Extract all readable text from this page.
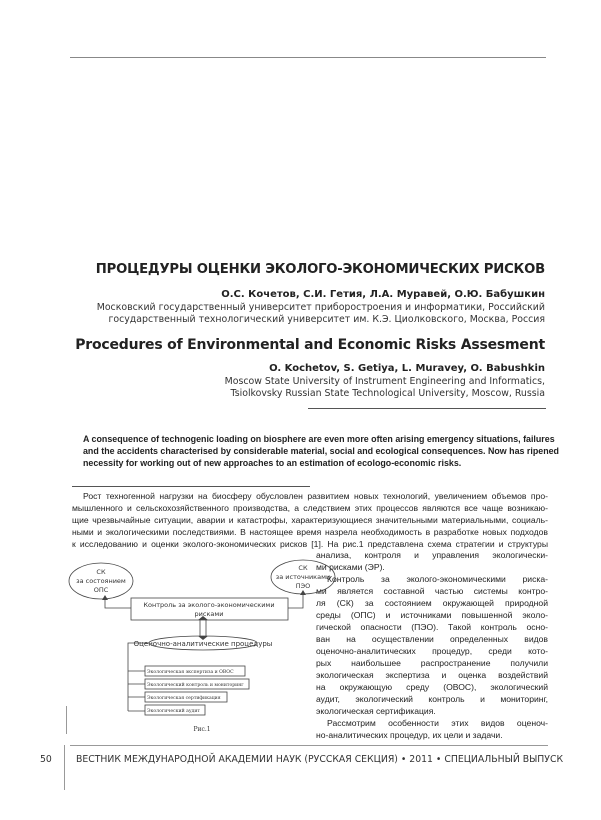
ПРОЦЕДУРЫ ОЦЕНКИ ЭКОЛОГО-ЭКОНОМИЧЕСКИХ РИСКОВ
О.С. Кочетов, С.И. Гетия, Л.А. Муравей, О.Ю. Бабушкин
Московский государственный университет приборостроения и информатики, Российский
государственный технологический университет им. К.Э. Циолковского, Москва, Россия
Procedures of Environmental and Economic Risks Assesment
O. Kochetov, S. Getiya, L. Muravey, O. Babushkin
Moscow State University of Instrument Engineering and Informatics,
Tsiolkovsky Russian State Technological University, Moscow, Russia
A consequence of technogenic loading on biosphere are even more often arising emergency situations, failures
and the accidents characterised by considerable material, social and ecological consequences. Now has ripened
necessity for working out of new approaches to an estimation of ecologo-economic risks.
Рост техногенной нагрузки на биосферу обусловлен развитием новых технологий, увеличением объемов про-
мышленного и сельскохозяйственного производства, а следствием этих процессов являются все чаще возникаю-
щие чрезвычайные ситуации, аварии и катастрофы, характеризующиеся значительными материальными, социаль-
ными и экологическими последствиями. В настоящее время назрела необходимость в разработке новых подходов
к исследованию и оценки эколого-экономических рисков [1]. На рис.1 представлена схема стратегии и структуры
анализа, контроля и управления экологически-
ми рисками (ЭР).
Контроль за эколого-экономическими риска-
ми является составной частью системы контро-
ля (СК) за состоянием окружающей природной
среды (ОПС) и источниками повышенной эколо-
гической опасности (ПЭО). Такой контроль осно-
ван на осуществлении определенных видов
оценочно-аналитических процедур, среди кото-
рых наибольшее распространение получили
экологическая экспертиза и оценка воздействий
на окружающую среду (ОВОС), экологический
аудит, экологический контроль и мониторинг,
экологическая сертификация.
Рассмотрим особенности этих видов оценоч-
но-аналитических процедур, их цели и задачи.
СК
за состоянием
ОПС
СК
за источниками
ПЭО
Контроль за эколого-экономическими
рисками
Оценочно-аналитические процедуры
Экологическая экспертиза и ОВОС
Экологический контроль и мониторинг
Экологическая сертификация
Экологический аудит
Рис.1
50	ВЕСТНИК МЕЖДУНАРОДНОЙ АКАДЕМИИ НАУК (РУССКАЯ СЕКЦИЯ) • 2011 • СПЕЦИАЛЬНЫЙ ВЫПУСК
